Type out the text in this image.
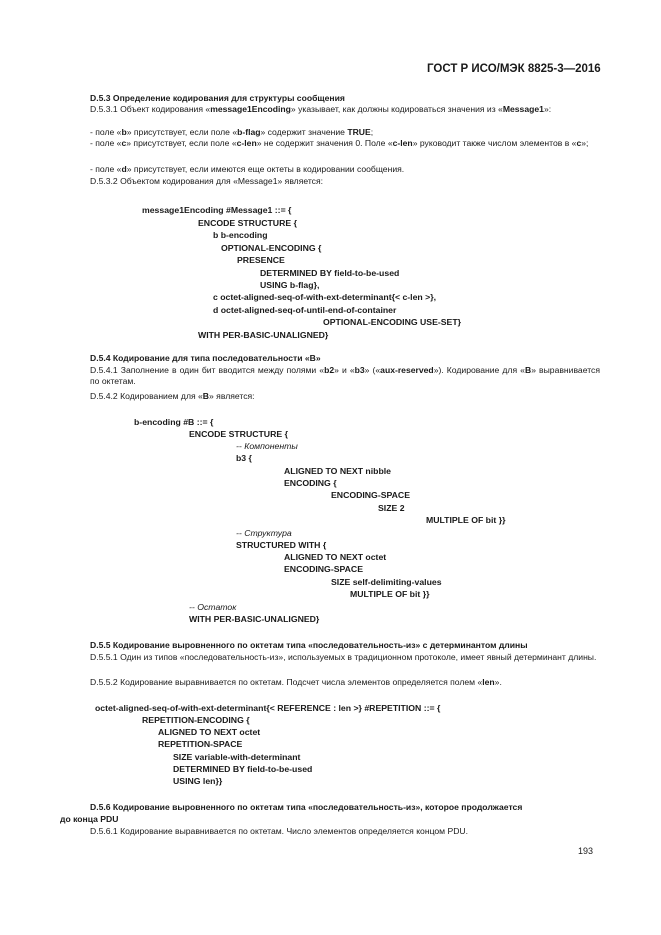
ГОСТ Р ИСО/МЭК 8825-3—2016
D.5.3 Определение кодирования для структуры сообщения
D.5.3.1 Объект кодирования «message1Encoding» указывает, как должны кодироваться значения из «Message1»:
- поле «b» присутствует, если поле «b-flag» содержит значение TRUE;
- поле «c» присутствует, если поле «c-len» не содержит значения 0. Поле «c-len» руководит также числом элементов в «c»;
- поле «d» присутствует, если имеются еще октеты в кодировании сообщения.
D.5.3.2 Объектом кодирования для «Message1» является:
message1Encoding #Message1 ::= {
ENCODE STRUCTURE {
b b-encoding
OPTIONAL-ENCODING {
PRESENCE
DETERMINED BY field-to-be-used
USING b-flag},
c octet-aligned-seq-of-with-ext-determinant{< c-len >},
d octet-aligned-seq-of-until-end-of-container
OPTIONAL-ENCODING USE-SET}
WITH PER-BASIC-UNALIGNED}
D.5.4 Кодирование для типа последовательности «B»
D.5.4.1 Заполнение в один бит вводится между полями «b2» и «b3» («aux-reserved»). Кодирование для «B» выравнивается по октетам.
D.5.4.2 Кодированием для «B» является:
b-encoding #B ::= {
ENCODE STRUCTURE {
-- Компоненты
b3 {
ALIGNED TO NEXT nibble
ENCODING {
ENCODING-SPACE
SIZE 2
MULTIPLE OF bit }}
-- Структура
STRUCTURED WITH {
ALIGNED TO NEXT octet
ENCODING-SPACE
SIZE self-delimiting-values
MULTIPLE OF bit }}
-- Остаток
WITH PER-BASIC-UNALIGNED}
D.5.5 Кодирование выровненного по октетам типа «последовательность-из» с детерминантом длины
D.5.5.1 Один из типов «последовательность-из», используемых в традиционном протоколе, имеет явный детерминант длины.
D.5.5.2 Кодирование выравнивается по октетам. Подсчет числа элементов определяется полем «len».
octet-aligned-seq-of-with-ext-determinant{< REFERENCE : len >} #REPETITION ::= {
REPETITION-ENCODING {
ALIGNED TO NEXT octet
REPETITION-SPACE
SIZE variable-with-determinant
DETERMINED BY field-to-be-used
USING len}}
D.5.6 Кодирование выровненного по октетам типа «последовательность-из», которое продолжается
до конца PDU
D.5.6.1 Кодирование выравнивается по октетам. Число элементов определяется концом PDU.
193
